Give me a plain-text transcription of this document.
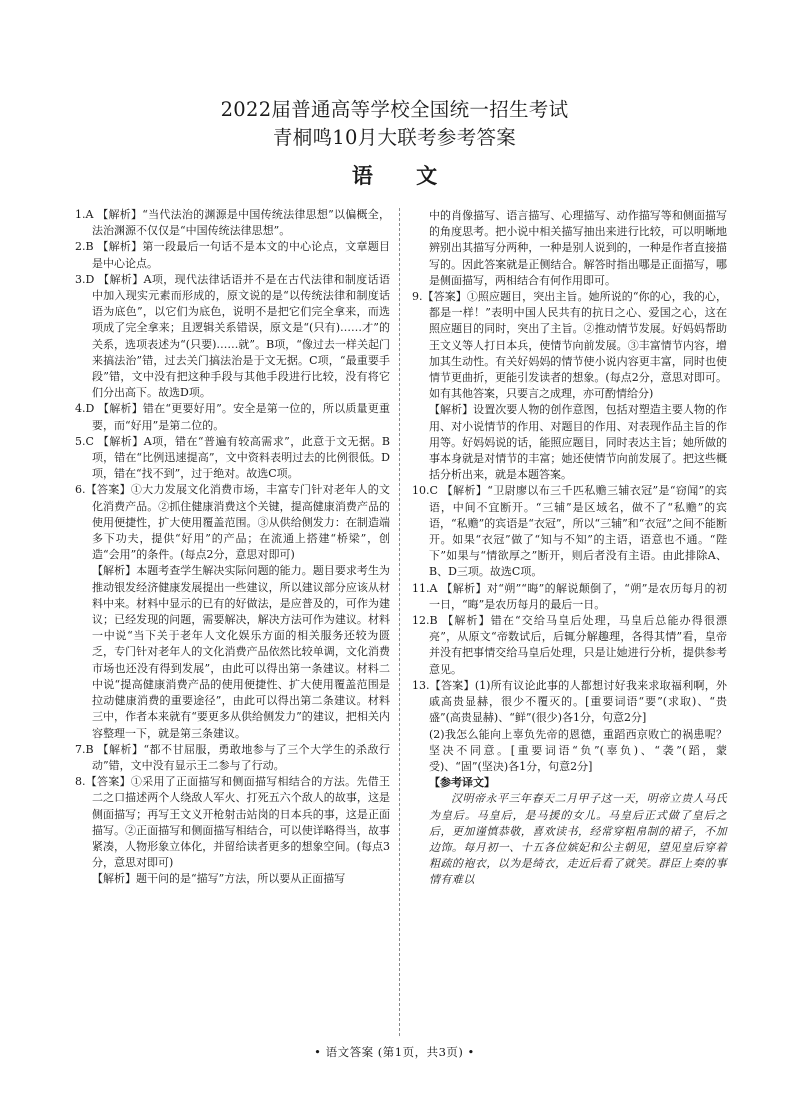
2022届普通高等学校全国统一招生考试
青桐鸣10月大联考参考答案
语 文

1.A 【解析】“当代法治的渊源是中国传统法律思想”以偏概全，法治渊源不仅仅是“中国传统法律思想”。

2.B 【解析】第一段最后一句话不是本文的中心论点，文章题目是中心论点。

3.D 【解析】A项，现代法律话语并不是在古代法律和制度话语中加入现实元素而形成的，原文说的是“以传统法律和制度话语为底色”，以它们为底色，说明不是把它们完全拿来，而选项成了完全拿来；且逻辑关系错误，原文是“(只有)……才”的关系，选项表述为“(只要)……就”。B项，“像过去一样关起门来搞法治”错，过去关门搞法治是于文无据。C项，“最重要手段”错，文中没有把这种手段与其他手段进行比较，没有将它们分出高下。故选D项。

4.D 【解析】错在“更要好用”。安全是第一位的，所以质量更重要，而“好用”是第二位的。

5.C 【解析】A项，错在“普遍有较高需求”，此意于文无据。B项，错在“比例迅速提高”，文中资料表明过去的比例很低。D项，错在“找不到”，过于绝对。故选C项。

6.【答案】①大力发展文化消费市场，丰富专门针对老年人的文化消费产品。②抓住健康消费这个关键，提高健康消费产品的使用便捷性，扩大使用覆盖范围。③从供给侧发力：在制造端多下功夫，提供“好用”的产品；在流通上搭建“桥梁”，创造“会用”的条件。(每点2分，意思对即可)

【解析】本题考查学生解决实际问题的能力。题目要求考生为推动银发经济健康发展提出一些建议，所以建议部分应该从材料中来。材料中显示的已有的好做法，是应普及的，可作为建议；已经发现的问题，需要解决，解决方法可作为建议。材料一中说“当下关于老年人文化娱乐方面的相关服务还较为匮乏，专门针对老年人的文化消费产品依然比较单调，文化消费市场也还没有得到发展”，由此可以得出第一条建议。材料二中说“提高健康消费产品的使用便捷性、扩大使用覆盖范围是拉动健康消费的重要途径”，由此可以得出第二条建议。材料三中，作者本来就有“要更多从供给侧发力”的建议，把相关内容整理一下，就是第三条建议。

7.B 【解析】“都不甘屈服，勇敢地参与了三个大学生的杀敌行动”错，文中没有显示王二参与了行动。

8.【答案】①采用了正面描写和侧面描写相结合的方法。先借王二之口描述两个人绕敌人军火、打死五六个敌人的故事，这是侧面描写；再写王文义开枪射击站岗的日本兵的事，这是正面描写。②正面描写和侧面描写相结合，可以使详略得当，故事紧凑，人物形象立体化，并留给读者更多的想象空间。(每点3分，意思对即可)

【解析】题干问的是“描写”方法，所以要从正面描写

中的肖像描写、语言描写、心理描写、动作描写等和侧面描写的角度思考。把小说中相关描写抽出来进行比较，可以明晰地辨别出其描写分两种，一种是别人说到的，一种是作者直接描写的。因此答案就是正侧结合。解答时指出哪是正面描写，哪是侧面描写，两相结合有何作用即可。

9.【答案】①照应题目，突出主旨。她所说的“你的心，我的心，都是一样！”表明中国人民共有的抗日之心、爱国之心，这在照应题目的同时，突出了主旨。②推动情节发展。好妈妈帮助王文义等人打日本兵，使情节向前发展。③丰富情节内容，增加其生动性。有关好妈妈的情节使小说内容更丰富，同时也使情节更曲折，更能引发读者的想象。(每点2分，意思对即可。如有其他答案，只要言之成理，亦可酌情给分)

【解析】设置次要人物的创作意图，包括对塑造主要人物的作用、对小说情节的作用、对题目的作用、对表现作品主旨的作用等。好妈妈说的话，能照应题目，同时表达主旨；她所做的事本身就是对情节的丰富；她还使情节向前发展了。把这些概括分析出来，就是本题答案。

10.C 【解析】“卫尉廖以布三千匹私赡三辅衣冠”是“窃闻”的宾语，中间不宜断开。“三辅”是区域名，做不了“私赡”的宾语，“私赡”的宾语是“衣冠”，所以“三辅”和“衣冠”之间不能断开。如果“衣冠”做了“知与不知”的主语，语意也不通。“陛下”如果与“情欲厚之”断开，则后者没有主语。由此排除A、B、D三项。故选C项。

11.A 【解析】对“朔”“晦”的解说颠倒了，“朔”是农历每月的初一日，“晦”是农历每月的最后一日。

12.B 【解析】错在“交给马皇后处理，马皇后总能办得很漂亮”，从原文“帝数试后，后辄分解趣理，各得其情”看，皇帝并没有把事情交给马皇后处理，只是让她进行分析，提供参考意见。

13.【答案】(1)所有议论此事的人都想讨好我来求取福利啊，外戚高贵显赫，很少不覆灭的。[重要词语“要”(求取)、“贵盛”(高贵显赫)、“鲜”(很少)各1分，句意2分]

(2)我怎么能向上辜负先帝的恩德，重蹈西京败亡的祸患呢？坚决不同意。[重要词语“负”(辜负)、“袭”(蹈，蒙受)、“固”(坚决)各1分，句意2分]

【参考译文】

汉明帝永平三年春天二月甲子这一天，明帝立贵人马氏为皇后。马皇后，是马援的女儿。马皇后正式做了皇后之后，更加谨慎恭敬，喜欢读书，经常穿粗帛制的裙子，不加边饰。每月初一、十五各位嫔妃和公主朝见，望见皇后穿着粗疏的袍衣，以为是绮衣，走近后看了就笑。群臣上奏的事情有难以

• 语文答案 (第1页，共3页) •
